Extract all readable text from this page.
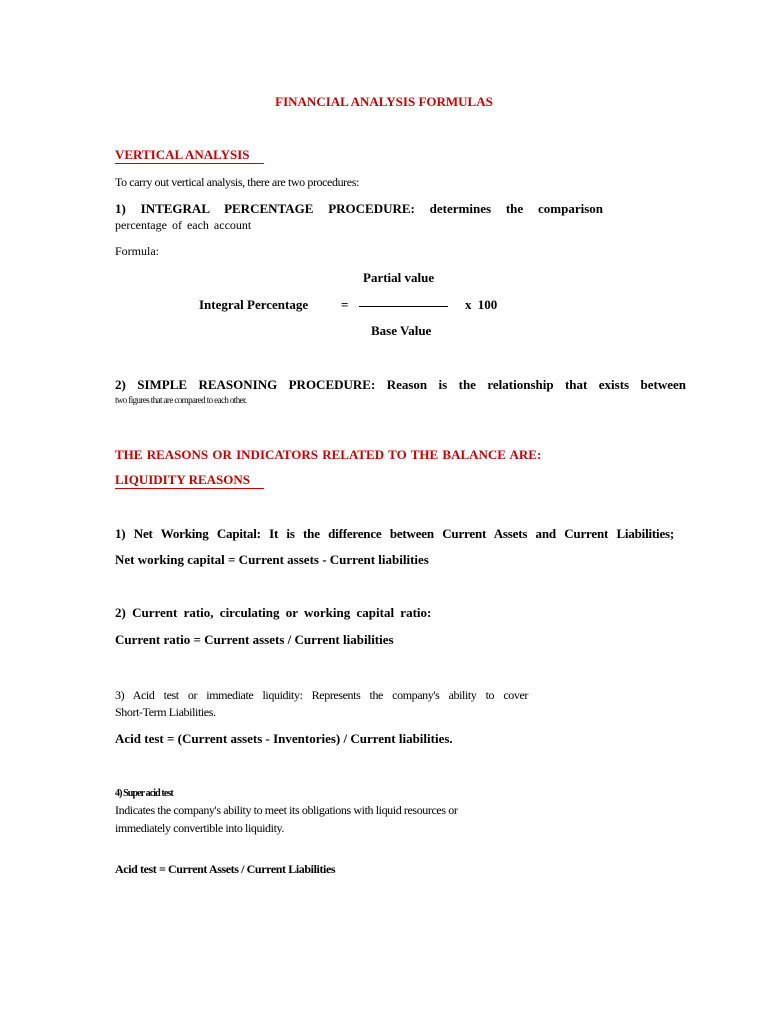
FINANCIAL ANALYSIS FORMULAS
VERTICAL ANALYSIS
To carry out vertical analysis, there are two procedures:
1) INTEGRAL PERCENTAGE PROCEDURE: determines the comparison
percentage of each account
Formula:
Partial value
Integral Percentage	=	x 100
Base Value
2) SIMPLE REASONING PROCEDURE: Reason is the relationship that exists between
two figures that are compared to each other.
THE REASONS OR INDICATORS RELATED TO THE BALANCE ARE:
LIQUIDITY REASONS
1) Net Working Capital: It is the difference between Current Assets and Current Liabilities;
Net working capital = Current assets - Current liabilities
2) Current ratio, circulating or working capital ratio:
Current ratio = Current assets / Current liabilities
3) Acid test or immediate liquidity: Represents the company's ability to cover
Short-Term Liabilities.
Acid test = (Current assets - Inventories) / Current liabilities.
4) Super acid test
Indicates the company's ability to meet its obligations with liquid resources or
immediately convertible into liquidity.
Acid test = Current Assets / Current Liabilities
